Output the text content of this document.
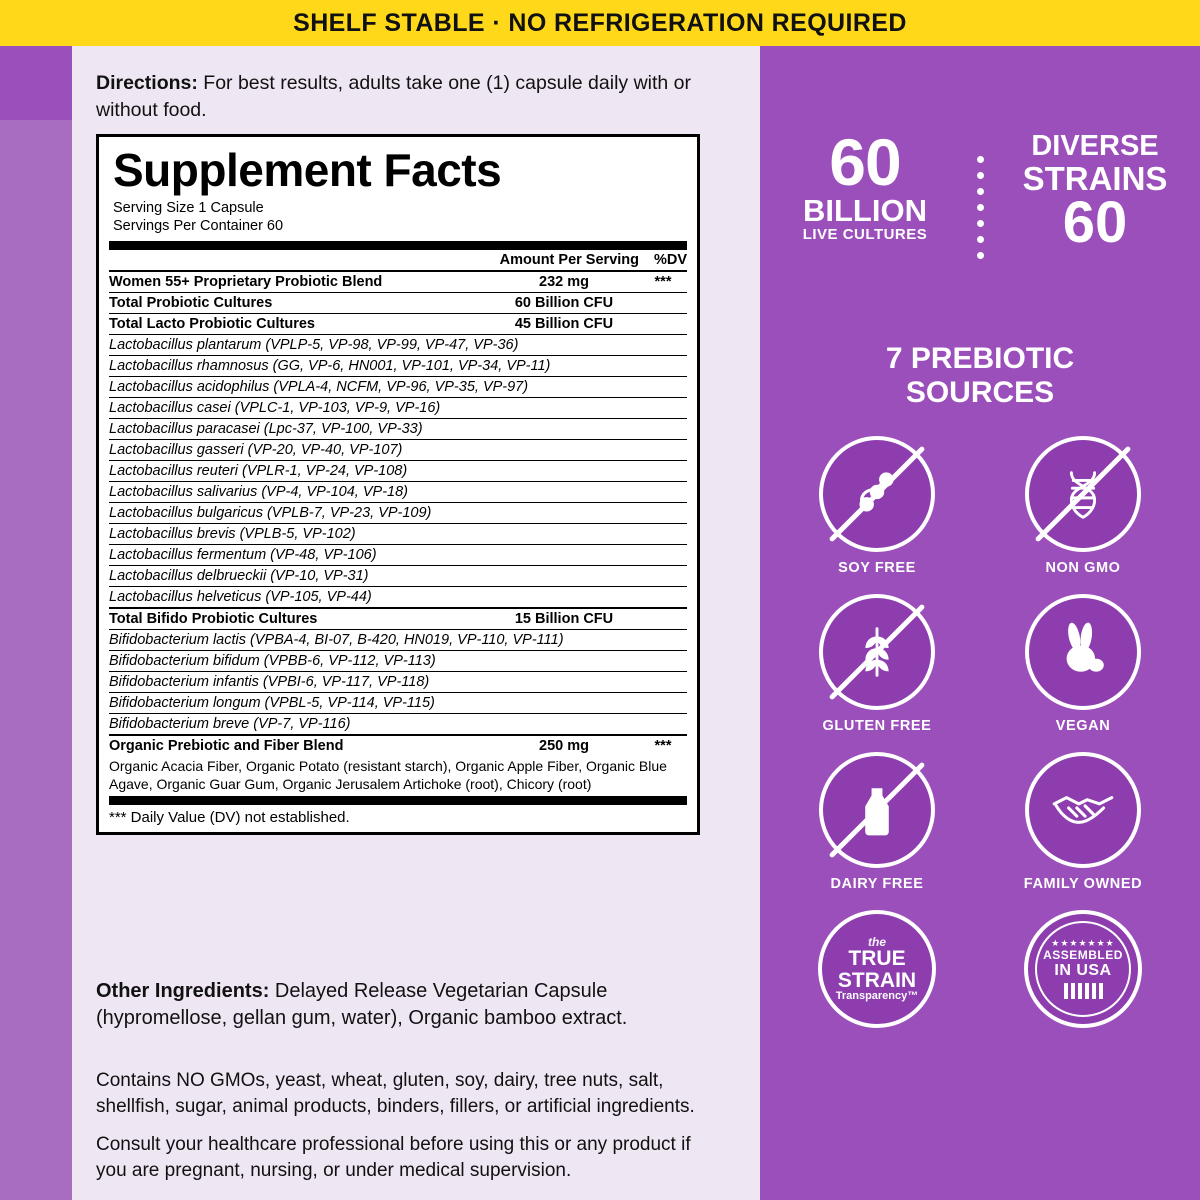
SHELF STABLE · NO REFRIGERATION REQUIRED
Directions: For best results, adults take one (1) capsule daily with or without food.
Supplement Facts
Serving Size 1 Capsule
Servings Per Container 60
	Amount Per Serving	%DV
Women 55+ Proprietary Probiotic Blend	232 mg	***
Total Probiotic Cultures	60 Billion CFU	
Total Lacto Probiotic Cultures	45 Billion CFU	
Lactobacillus plantarum (VPLP-5, VP-98, VP-99, VP-47, VP-36)		
Lactobacillus rhamnosus (GG, VP-6, HN001, VP-101, VP-34, VP-11)		
Lactobacillus acidophilus (VPLA-4, NCFM, VP-96, VP-35, VP-97)		
Lactobacillus casei (VPLC-1, VP-103, VP-9, VP-16)		
Lactobacillus paracasei (Lpc-37, VP-100, VP-33)		
Lactobacillus gasseri (VP-20, VP-40, VP-107)		
Lactobacillus reuteri (VPLR-1, VP-24, VP-108)		
Lactobacillus salivarius (VP-4, VP-104, VP-18)		
Lactobacillus bulgaricus (VPLB-7, VP-23, VP-109)		
Lactobacillus brevis (VPLB-5, VP-102)		
Lactobacillus fermentum (VP-48, VP-106)		
Lactobacillus delbrueckii (VP-10, VP-31)		
Lactobacillus helveticus (VP-105, VP-44)		
Total Bifido Probiotic Cultures	15 Billion CFU	
Bifidobacterium lactis (VPBA-4, BI-07, B-420, HN019, VP-110, VP-111)		
Bifidobacterium bifidum (VPBB-6, VP-112, VP-113)		
Bifidobacterium infantis (VPBI-6, VP-117, VP-118)		
Bifidobacterium longum (VPBL-5, VP-114, VP-115)		
Bifidobacterium breve (VP-7, VP-116)		
Organic Prebiotic and Fiber Blend	250 mg	***
Organic Acacia Fiber, Organic Potato (resistant starch), Organic Apple Fiber, Organic Blue Agave, Organic Guar Gum, Organic Jerusalem Artichoke (root), Chicory (root)		
*** Daily Value (DV) not established.
Other Ingredients: Delayed Release Vegetarian Capsule (hypromellose, gellan gum, water), Organic bamboo extract.
Contains NO GMOs, yeast, wheat, gluten, soy, dairy, tree nuts, salt, shellfish, sugar, animal products, binders, fillers, or artificial ingredients.
Consult your healthcare professional before using this or any product if you are pregnant, nursing, or under medical supervision.
60
BILLION
LIVE CULTURES
DIVERSE
STRAINS
60
7 PREBIOTIC
SOURCES
SOY FREE	NON GMO
GLUTEN FREE	VEGAN
DAIRY FREE	FAMILY OWNED
the
TRUE
STRAIN
Transparency™
★★★★★★★
ASSEMBLED
IN USA
